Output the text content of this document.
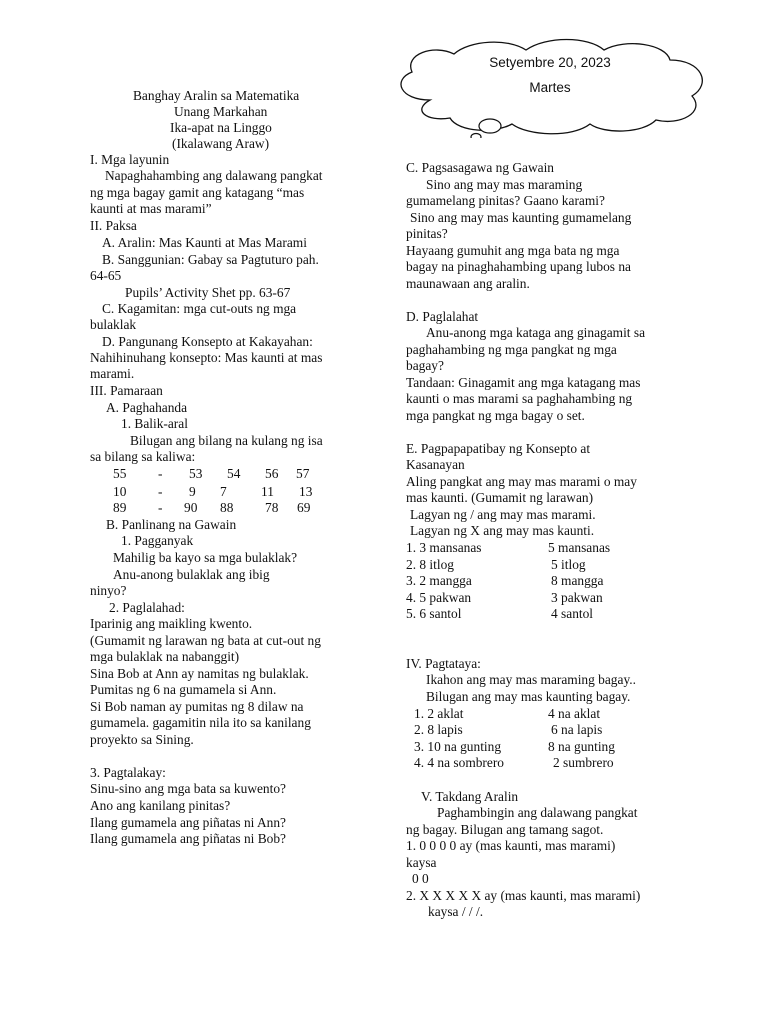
Setyembre 20, 2023
Martes
Banghay Aralin sa Matematika
Unang Markahan
Ika-apat na Linggo
(Ikalawang Araw)
I. Mga layunin
Napaghahambing ang dalawang pangkat
ng mga bagay gamit ang katagang “mas
kaunti at mas marami”
II. Paksa
A. Aralin: Mas Kaunti at Mas Marami
B. Sanggunian: Gabay sa Pagtuturo pah.
64-65
Pupils’ Activity Shet pp. 63-67
C. Kagamitan: mga cut-outs ng mga
bulaklak
D. Pangunang Konsepto at Kakayahan:
Nahihinuhang konsepto: Mas kaunti at mas
marami.
III. Pamaraan
A. Paghahanda
1. Balik-aral
Bilugan ang bilang na kulang ng isa
sa bilang sa kaliwa:
55 - 53 54 56 57
10 - 9 7	11 13
89 - 90 88 78 69
B. Panlinang na Gawain
1. Pagganyak
Mahilig ba kayo sa mga bulaklak?
Anu-anong bulaklak ang ibig
ninyo?
2. Paglalahad:
Iparinig ang maikling kwento.
(Gumamit ng larawan ng bata at cut-out ng
mga bulaklak na nabanggit)
Sina Bob at Ann ay namitas ng bulaklak.
Pumitas ng 6 na gumamela si Ann.
Si Bob naman ay pumitas ng 8 dilaw na
gumamela. gagamitin nila ito sa kanilang
proyekto sa Sining.
3. Pagtalakay:
Sinu-sino ang mga bata sa kuwento?
Ano ang kanilang pinitas?
Ilang gumamela ang piñatas ni Ann?
Ilang gumamela ang piñatas ni Bob?
C. Pagsasagawa ng Gawain
Sino ang may mas maraming
gumamelang pinitas? Gaano karami?
Sino ang may mas kaunting gumamelang
pinitas?
Hayaang gumuhit ang mga bata ng mga
bagay na pinaghahambing upang lubos na
maunawaan ang aralin.
D. Paglalahat
Anu-anong mga kataga ang ginagamit sa
paghahambing ng mga pangkat ng mga
bagay?
Tandaan: Ginagamit ang mga katagang mas
kaunti o mas marami sa paghahambing ng
mga pangkat ng mga bagay o set.
E. Pagpapapatibay ng Konsepto at
Kasanayan
Aling pangkat ang may mas marami o may
mas kaunti. (Gumamit ng larawan)
Lagyan ng / ang may mas marami.
Lagyan ng X ang may mas kaunti.
1. 3 mansanas	5 mansanas
2. 8 itlog	5 itlog
3. 2 mangga	8 mangga
4. 5 pakwan	3 pakwan
5. 6 santol	4 santol
IV. Pagtataya:
Ikahon ang may mas maraming bagay..
Bilugan ang may mas kaunting bagay.
1. 2 aklat	4 na aklat
2. 8 lapis	6 na lapis
3. 10 na gunting	8 na gunting
4. 4 na sombrero	2 sumbrero
V. Takdang Aralin
Paghambingin ang dalawang pangkat
ng bagay. Bilugan ang tamang sagot.
1. 0 0 0 0 ay (mas kaunti, mas marami)
kaysa
0 0
2. X X X X X ay (mas kaunti, mas marami)
kaysa / / /.
